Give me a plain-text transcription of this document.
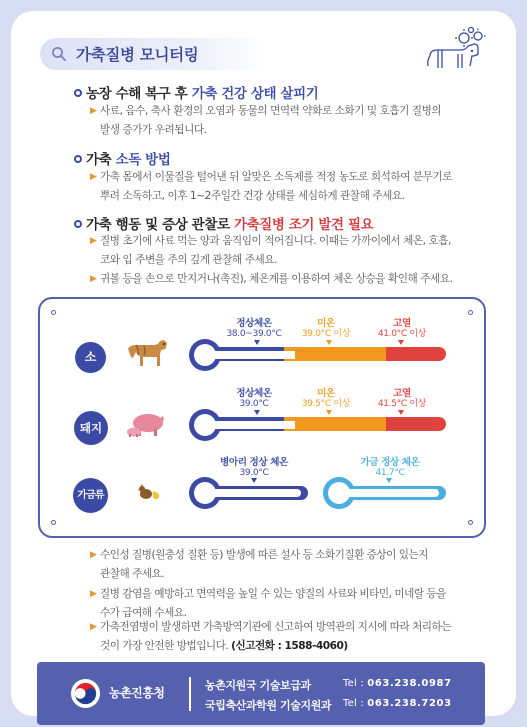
가축질병 모니터링
농장 수해 복구 후 가축 건강 상태 살피기
▶ 사료, 음수, 축사 환경의 오염과 동물의 면역력 약화로 소화기 및 호흡기 질병의
발생 증가가 우려됩니다.
가축 소독 방법
▶ 가축 몸에서 이물질을 털어낸 뒤 알맞은 소독제를 적정 농도로 희석하여 분무기로
뿌려 소독하고, 이후 1~2주일간 건강 상태를 세심하게 관찰해 주세요.
가축 행동 및 증상 관찰로 가축질병 조기 발견 필요
▶ 질병 초기에 사료 먹는 양과 움직임이 적어집니다. 이때는 가까이에서 체온, 호흡,
코와 입 주변을 주의 깊게 관찰해 주세요.
▶ 귀볼 등을 손으로 만지거나(촉진), 체온계를 이용하여 체온 상승을 확인해 주세요.
소
정상체온
38.0~39.0°C
미온
39.0°C 이상
고열
41.0°C 이상
돼지
정상체온
39.0°C
미온
39.5°C 이상
고열
41.5°C 이상
가금류
병아리 정상 체온
39.0°C
가금 정상 체온
41.7°C
▶ 수인성 질병(원충성 질환 등) 발생에 따른 설사 등 소화기질환 증상이 있는지
관찰해 주세요.
▶ 질병 감염을 예방하고 면역력을 높일 수 있는 양질의 사료와 비타민, 미네랄 등을
수가 급여해 수세요.
▶ 가축전염병이 발생하면 가축방역기관에 신고하여 방역관의 지시에 따라 처리하는
것이 가장 안전한 방법입니다. (신고전화 : 1588-4060)
농촌진흥청
농촌지원국 기술보급과	Tel : 063.238.0987
국립축산과학원 기술지원과 Tel : 063.238.7203
